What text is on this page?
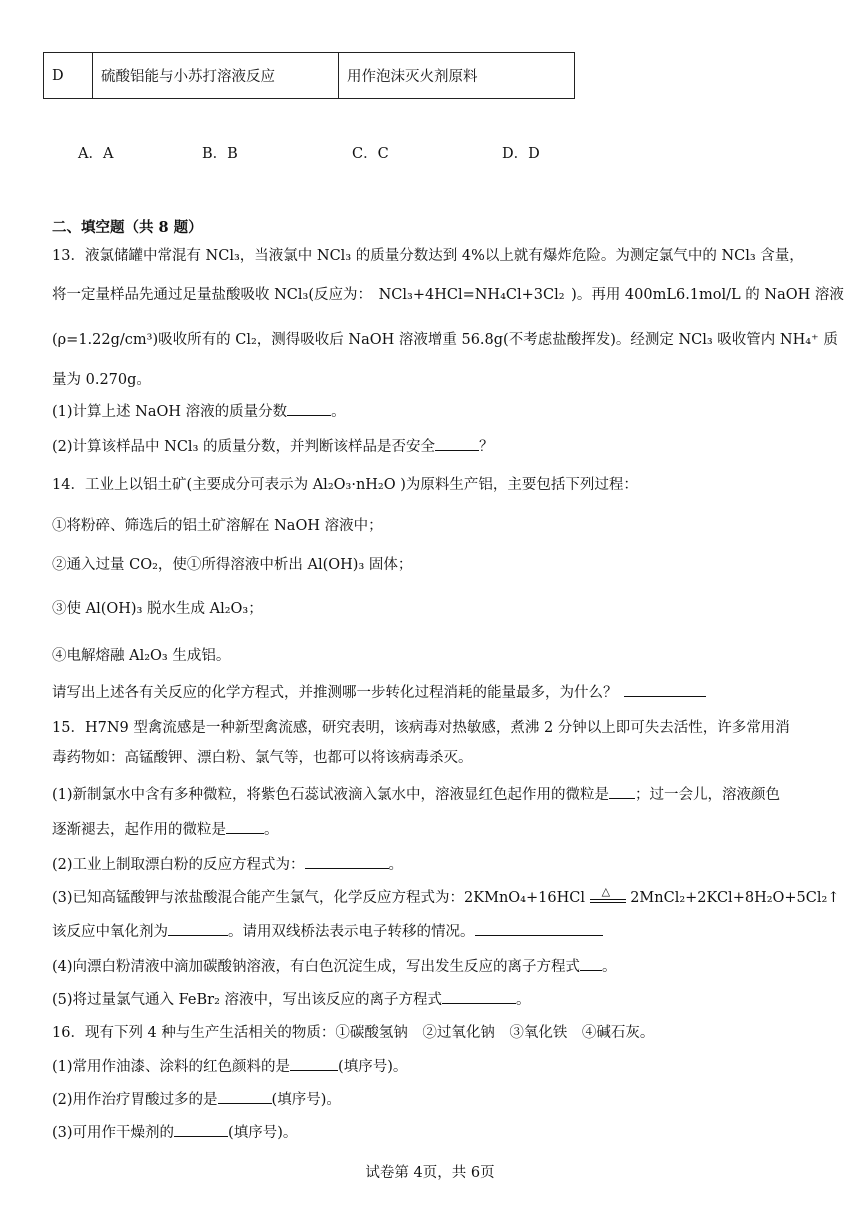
D	硫酸铝能与小苏打溶液反应	用作泡沫灭火剂原料
A．A	B．B	C．C	D．D
二、填空题（共 8 题）
13．液氯储罐中常混有 NCl₃，当液氯中 NCl₃ 的质量分数达到 4%以上就有爆炸危险。为测定氯气中的 NCl₃ 含量，
将一定量样品先通过足量盐酸吸收 NCl₃(反应为： NCl₃+4HCl=NH₄Cl+3Cl₂ )。再用 400mL6.1mol/L 的 NaOH 溶液
(ρ=1.22g/cm³)吸收所有的 Cl₂，测得吸收后 NaOH 溶液增重 56.8g(不考虑盐酸挥发)。经测定 NCl₃ 吸收管内 NH₄⁺ 质
量为 0.270g。
(1)计算上述 NaOH 溶液的质量分数	。
(2)计算该样品中 NCl₃ 的质量分数，并判断该样品是否安全	？
14．工业上以铝土矿(主要成分可表示为 Al₂O₃·nH₂O )为原料生产铝，主要包括下列过程：
①将粉碎、筛选后的铝土矿溶解在 NaOH 溶液中；
②通入过量 CO₂，使①所得溶液中析出 Al(OH)₃ 固体；
③使 Al(OH)₃ 脱水生成 Al₂O₃；
④电解熔融 Al₂O₃ 生成铝。
请写出上述各有关反应的化学方程式，并推测哪一步转化过程消耗的能量最多，为什么？
15．H7N9 型禽流感是一种新型禽流感，研究表明，该病毒对热敏感，煮沸 2 分钟以上即可失去活性，许多常用消
毒药物如：高锰酸钾、漂白粉、氯气等，也都可以将该病毒杀灭。
(1)新制氯水中含有多种微粒，将紫色石蕊试液滴入氯水中，溶液显红色起作用的微粒是 ；过一会儿，溶液颜色
逐渐褪去，起作用的微粒是	。
(2)工业上制取漂白粉的反应方程式为：	。
(3)已知高锰酸钾与浓盐酸混合能产生氯气，化学反应方程式为：2KMnO₄+16HCl △ 2MnCl₂+2KCl+8H₂O+5Cl₂↑
该反应中氧化剂为	。请用双线桥法表示电子转移的情况。
(4)向漂白粉清液中滴加碳酸钠溶液，有白色沉淀生成，写出发生反应的离子方程式 。
(5)将过量氯气通入 FeBr₂ 溶液中，写出该反应的离子方程式	。
16．现有下列 4 种与生产生活相关的物质：①碳酸氢钠　②过氧化钠　③氧化铁　④碱石灰。
(1)常用作油漆、涂料的红色颜料的是	(填序号)。
(2)用作治疗胃酸过多的是	(填序号)。
(3)可用作干燥剂的	(填序号)。
试卷第 4页，共 6页
